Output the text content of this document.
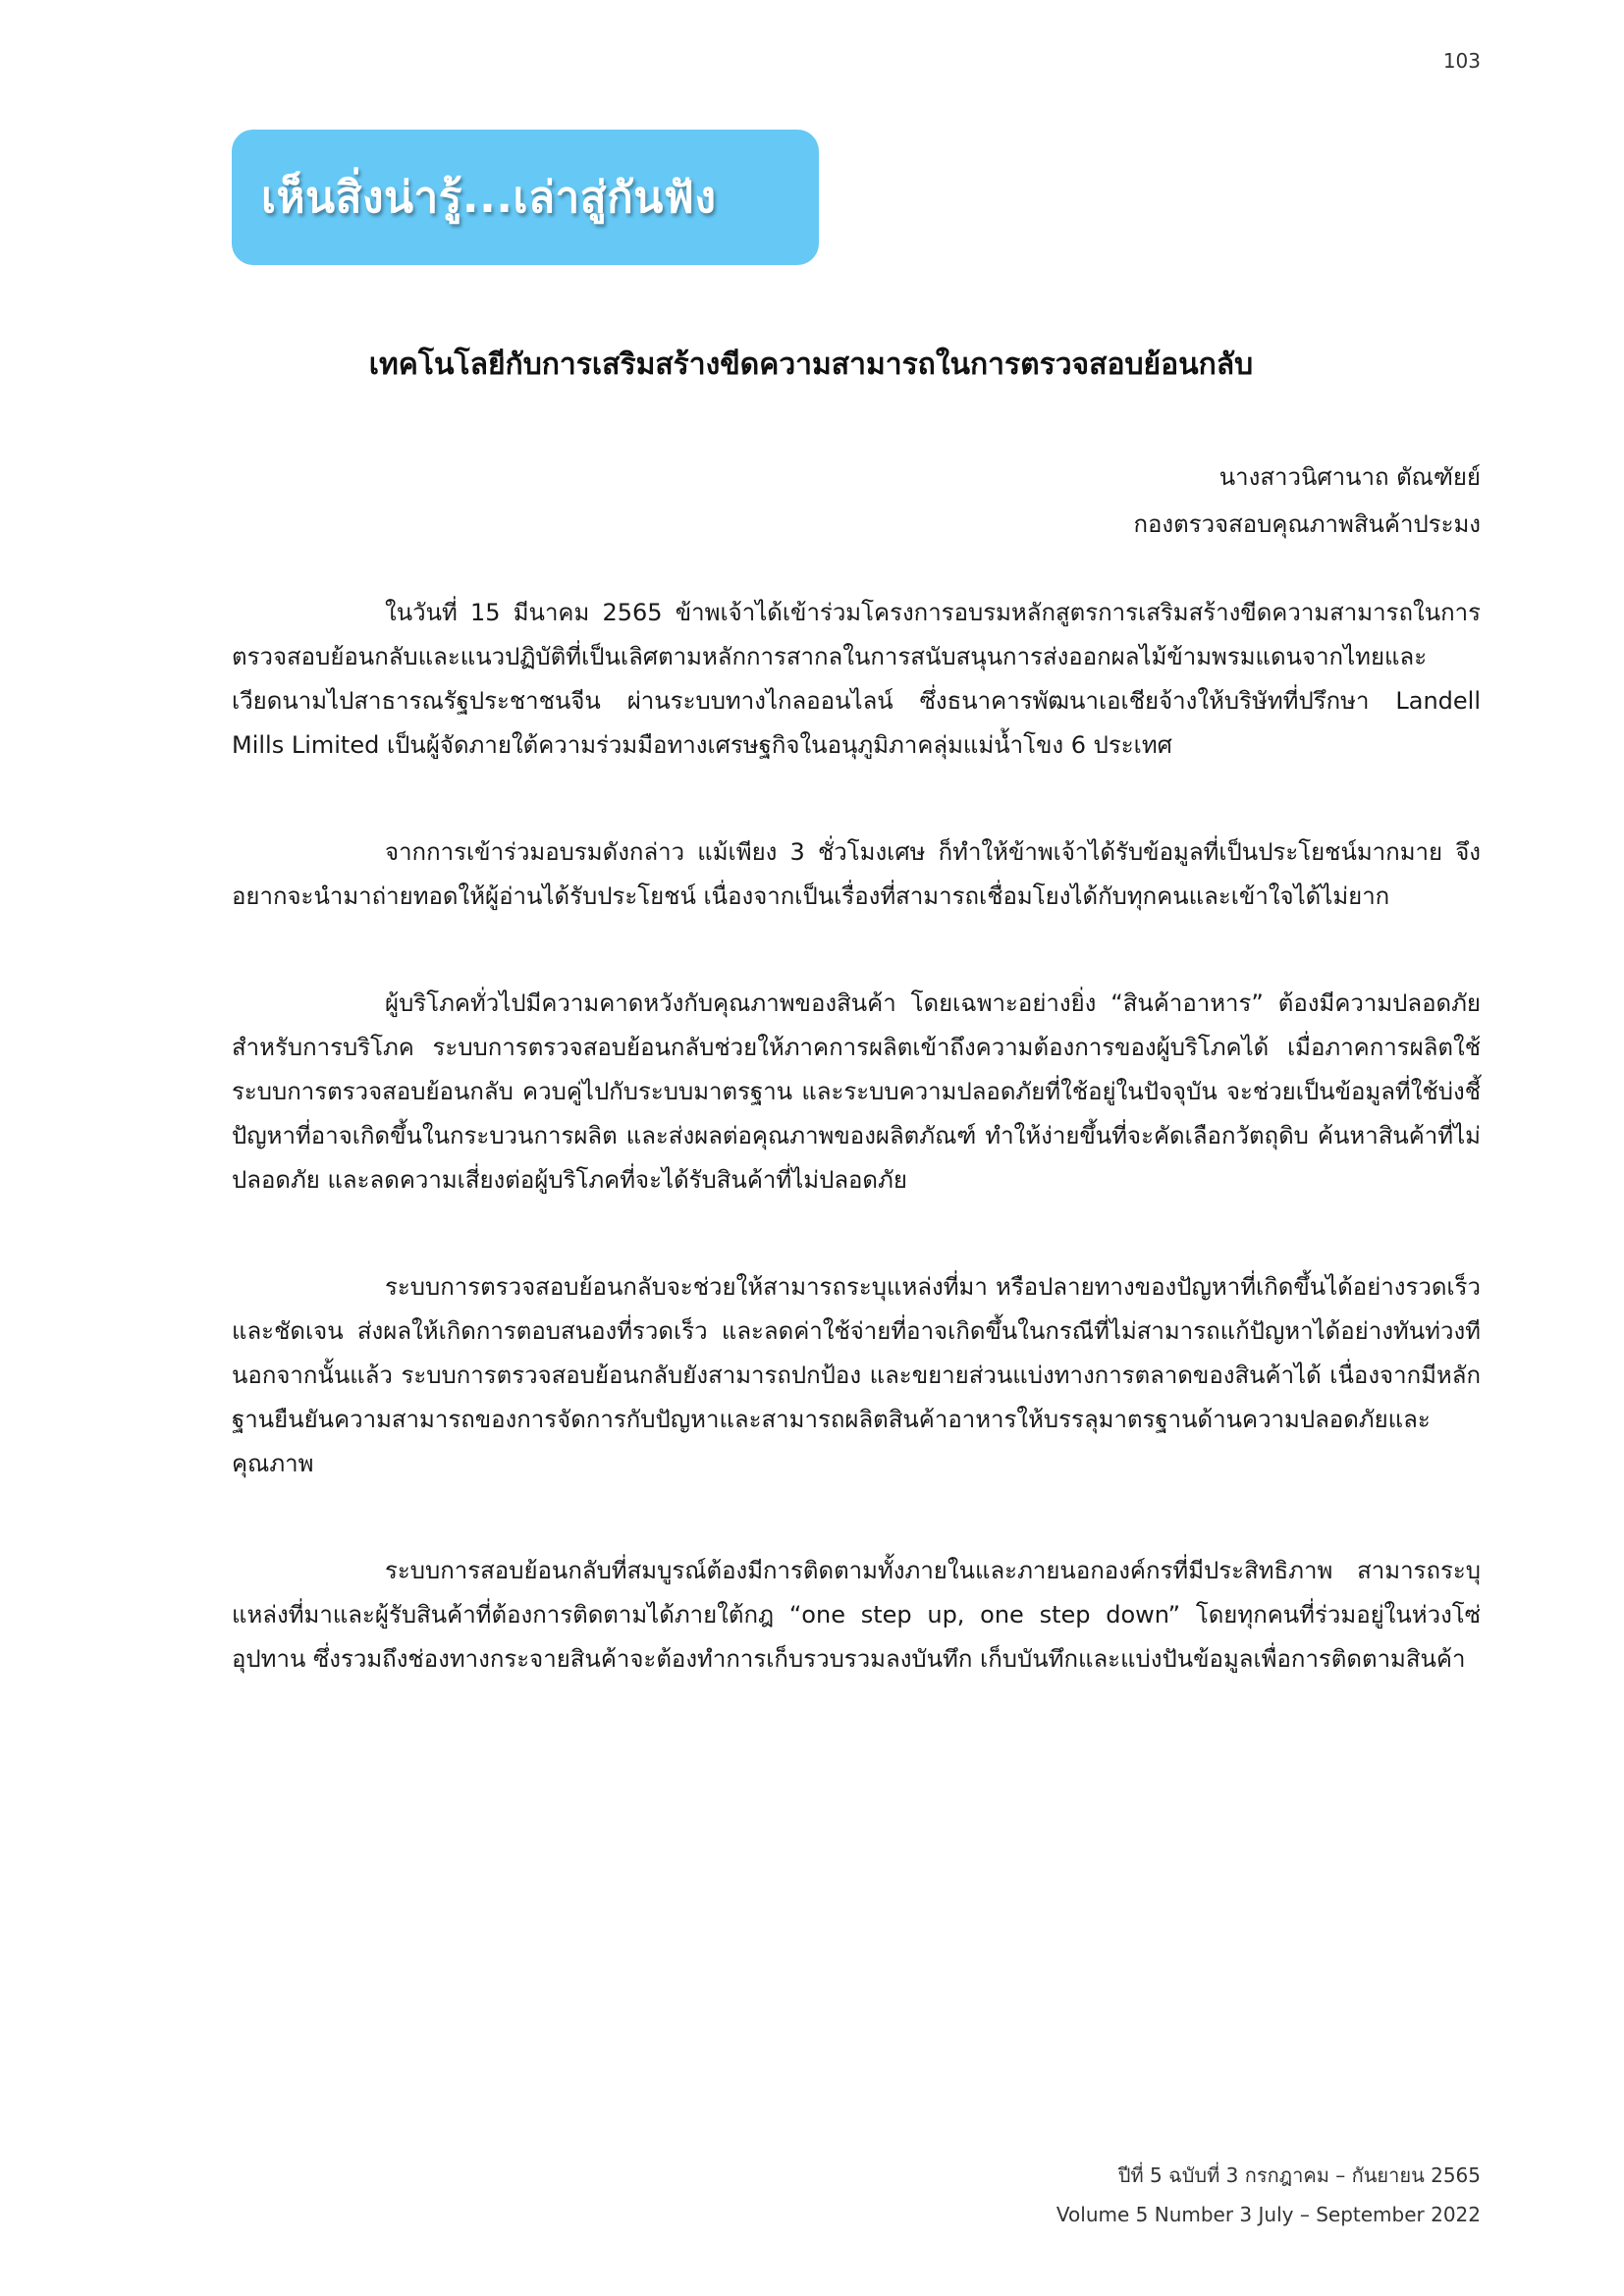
103
เห็นสิ่งน่ารู้...เล่าสู่กันฟัง
เทคโนโลยีกับการเสริมสร้างขีดความสามารถในการตรวจสอบย้อนกลับ
นางสาวนิศานาถ ตัณฑัยย์
กองตรวจสอบคุณภาพสินค้าประมง

ในวันที่ 15 มีนาคม 2565 ข้าพเจ้าได้เข้าร่วมโครงการอบรมหลักสูตรการเสริมสร้างขีดความสามารถในการตรวจสอบย้อนกลับและแนวปฏิบัติที่เป็นเลิศตามหลักการสากลในการสนับสนุนการส่งออกผลไม้ข้ามพรมแดนจากไทยและเวียดนามไปสาธารณรัฐประชาชนจีน ผ่านระบบทางไกลออนไลน์ ซึ่งธนาคารพัฒนาเอเชียจ้างให้บริษัทที่ปรึกษา Landell Mills Limited เป็นผู้จัดภายใต้ความร่วมมือทางเศรษฐกิจในอนุภูมิภาคลุ่มแม่น้ำโขง 6 ประเทศ

จากการเข้าร่วมอบรมดังกล่าว แม้เพียง 3 ชั่วโมงเศษ ก็ทำให้ข้าพเจ้าได้รับข้อมูลที่เป็นประโยชน์มากมาย จึงอยากจะนำมาถ่ายทอดให้ผู้อ่านได้รับประโยชน์ เนื่องจากเป็นเรื่องที่สามารถเชื่อมโยงได้กับทุกคนและเข้าใจได้ไม่ยาก

ผู้บริโภคทั่วไปมีความคาดหวังกับคุณภาพของสินค้า โดยเฉพาะอย่างยิ่ง “สินค้าอาหาร” ต้องมีความปลอดภัยสำหรับการบริโภค ระบบการตรวจสอบย้อนกลับช่วยให้ภาคการผลิตเข้าถึงความต้องการของผู้บริโภคได้ เมื่อภาคการผลิตใช้ระบบการตรวจสอบย้อนกลับ ควบคู่ไปกับระบบมาตรฐาน และระบบความปลอดภัยที่ใช้อยู่ในปัจจุบัน จะช่วยเป็นข้อมูลที่ใช้บ่งชี้ปัญหาที่อาจเกิดขึ้นในกระบวนการผลิต และส่งผลต่อคุณภาพของผลิตภัณฑ์ ทำให้ง่ายขึ้นที่จะคัดเลือกวัตถุดิบ ค้นหาสินค้าที่ไม่ปลอดภัย และลดความเสี่ยงต่อผู้บริโภคที่จะได้รับสินค้าที่ไม่ปลอดภัย

ระบบการตรวจสอบย้อนกลับจะช่วยให้สามารถระบุแหล่งที่มา หรือปลายทางของปัญหาที่เกิดขึ้นได้อย่างรวดเร็ว และชัดเจน ส่งผลให้เกิดการตอบสนองที่รวดเร็ว และลดค่าใช้จ่ายที่อาจเกิดขึ้นในกรณีที่ไม่สามารถแก้ปัญหาได้อย่างทันท่วงที นอกจากนั้นแล้ว ระบบการตรวจสอบย้อนกลับยังสามารถปกป้อง และขยายส่วนแบ่งทางการตลาดของสินค้าได้ เนื่องจากมีหลักฐานยืนยันความสามารถของการจัดการกับปัญหาและสามารถผลิตสินค้าอาหารให้บรรลุมาตรฐานด้านความปลอดภัยและคุณภาพ

ระบบการสอบย้อนกลับที่สมบูรณ์ต้องมีการติดตามทั้งภายในและภายนอกองค์กรที่มีประสิทธิภาพ สามารถระบุแหล่งที่มาและผู้รับสินค้าที่ต้องการติดตามได้ภายใต้กฎ “one step up, one step down” โดยทุกคนที่ร่วมอยู่ในห่วงโซ่อุปทาน ซึ่งรวมถึงช่องทางกระจายสินค้าจะต้องทำการเก็บรวบรวมลงบันทึก เก็บบันทึกและแบ่งปันข้อมูลเพื่อการติดตามสินค้า

ปีที่ 5 ฉบับที่ 3 กรกฎาคม – กันยายน 2565
Volume 5 Number 3 July – September 2022
